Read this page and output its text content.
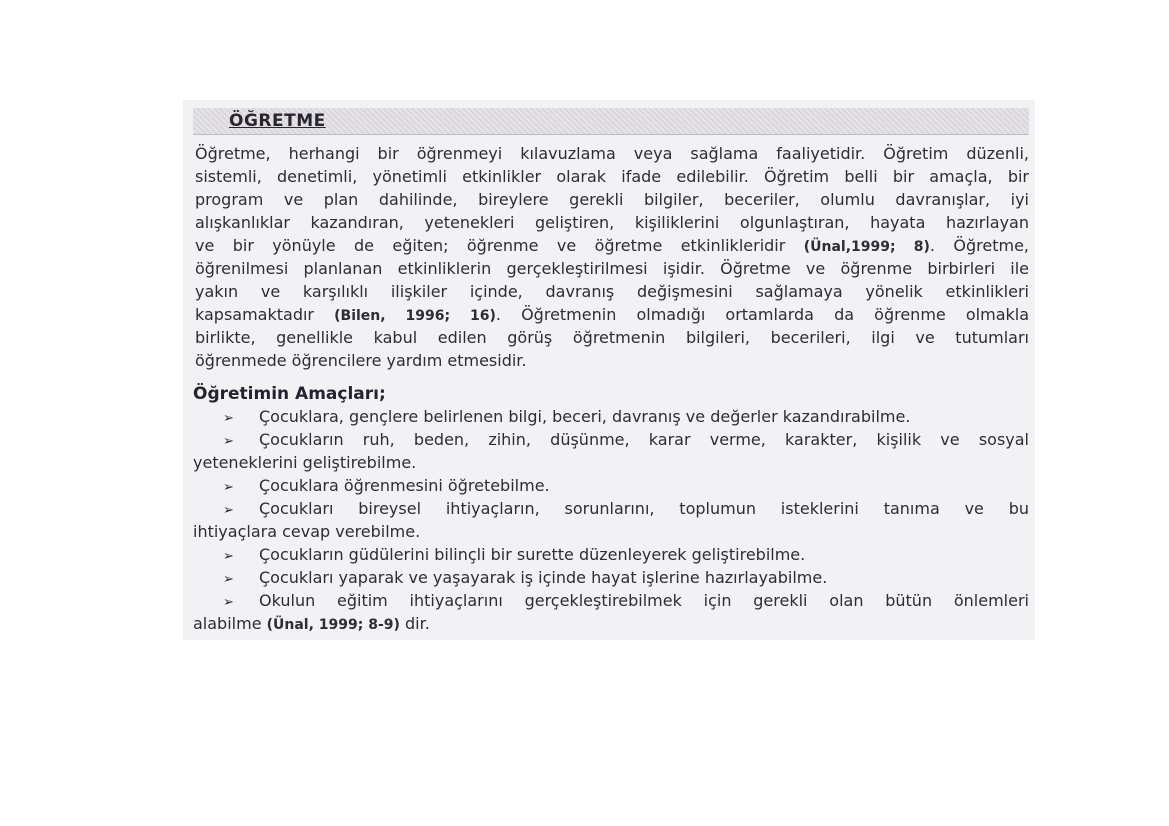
ÖĞRETME
Öğretme, herhangi bir öğrenmeyi kılavuzlama veya sağlama faaliyetidir. Öğretim düzenli,
sistemli, denetimli, yönetimli etkinlikler olarak ifade edilebilir. Öğretim belli bir amaçla, bir
program ve plan dahilinde, bireylere gerekli bilgiler, beceriler, olumlu davranışlar, iyi
alışkanlıklar kazandıran, yetenekleri geliştiren, kişiliklerini olgunlaştıran, hayata hazırlayan
ve bir yönüyle de eğiten; öğrenme ve öğretme etkinlikleridir (Ünal,1999; 8). Öğretme,
öğrenilmesi planlanan etkinliklerin gerçekleştirilmesi işidir. Öğretme ve öğrenme birbirleri ile
yakın ve karşılıklı ilişkiler içinde, davranış değişmesini sağlamaya yönelik etkinlikleri
kapsamaktadır (Bilen, 1996; 16). Öğretmenin olmadığı ortamlarda da öğrenme olmakla
birlikte, genellikle kabul edilen görüş öğretmenin bilgileri, becerileri, ilgi ve tutumları
öğrenmede öğrencilere yardım etmesidir.
Öğretimin Amaçları;
➢ Çocuklara, gençlere belirlenen bilgi, beceri, davranış ve değerler kazandırabilme.
➢ Çocukların ruh, beden, zihin, düşünme, karar verme, karakter, kişilik ve sosyal
yeteneklerini geliştirebilme.
➢ Çocuklara öğrenmesini öğretebilme.
➢ Çocukları bireysel ihtiyaçların, sorunlarını, toplumun isteklerini tanıma ve bu
ihtiyaçlara cevap verebilme.
➢ Çocukların güdülerini bilinçli bir surette düzenleyerek geliştirebilme.
➢ Çocukları yaparak ve yaşayarak iş içinde hayat işlerine hazırlayabilme.
➢ Okulun eğitim ihtiyaçlarını gerçekleştirebilmek için gerekli olan bütün önlemleri
alabilme (Ünal, 1999; 8-9) dir.
